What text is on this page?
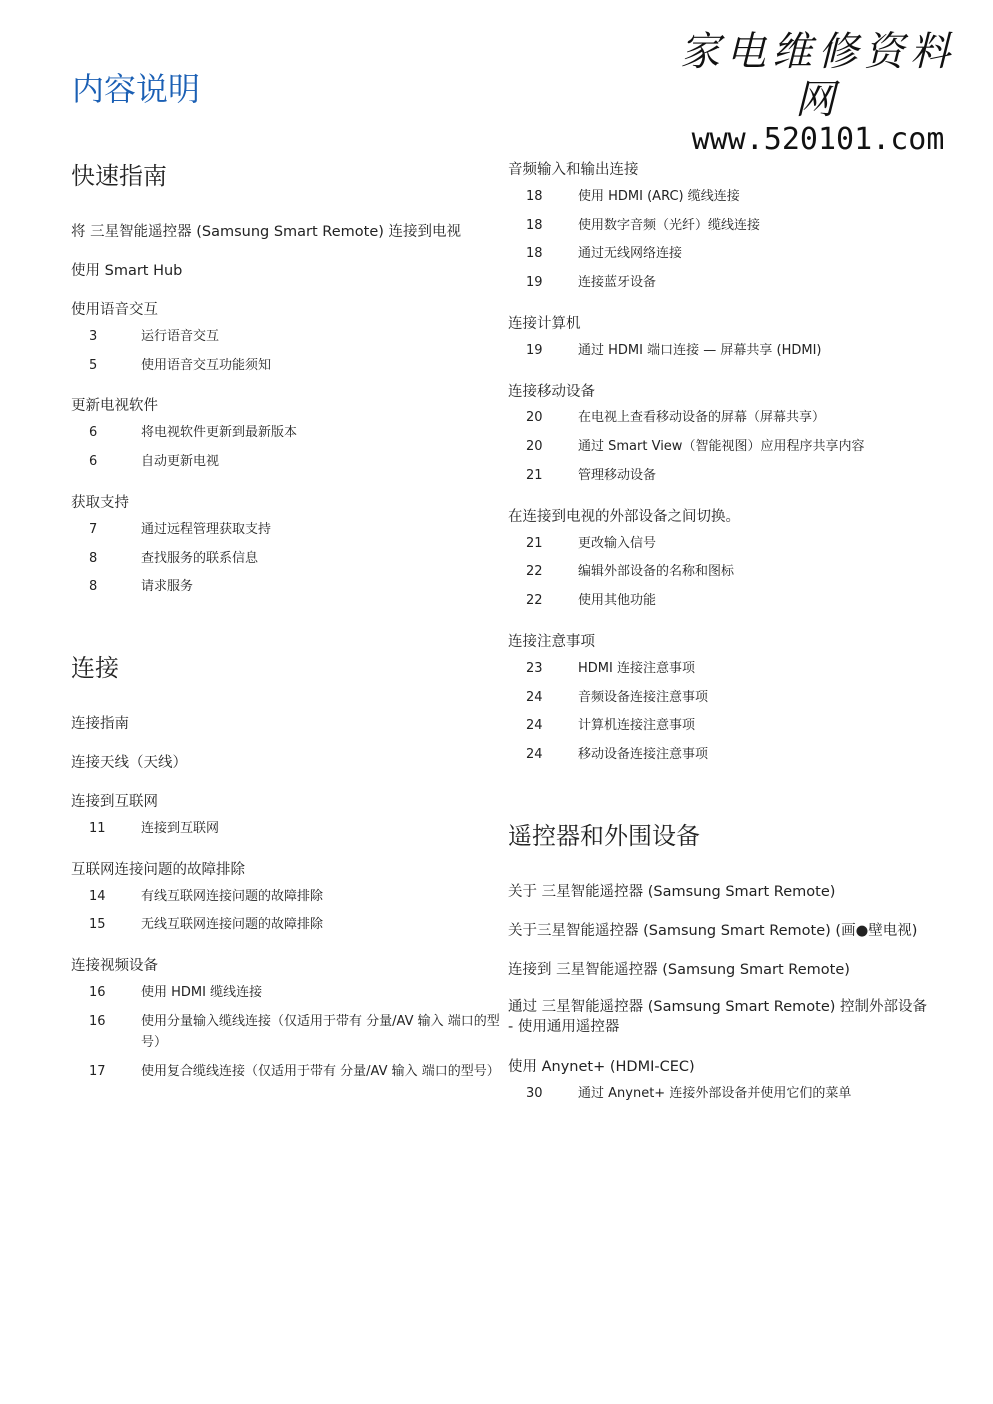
内容说明
家电维修资料网
www.520101.com
快速指南
将 三星智能遥控器 (Samsung Smart Remote) 连接到电视
使用 Smart Hub
使用语音交互
3	运行语音交互
5	使用语音交互功能须知
更新电视软件
6	将电视软件更新到最新版本
6	自动更新电视
获取支持
7	通过远程管理获取支持
8	查找服务的联系信息
8	请求服务
连接
连接指南
连接天线（天线）
连接到互联网
11	连接到互联网
互联网连接问题的故障排除
14	有线互联网连接问题的故障排除
15	无线互联网连接问题的故障排除
连接视频设备
16	使用 HDMI 缆线连接
16	使用分量输入缆线连接（仅适用于带有 分量/AV 输入 端口的型号）
17	使用复合缆线连接（仅适用于带有 分量/AV 输入 端口的型号）
音频输入和输出连接
18	使用 HDMI (ARC) 缆线连接
18	使用数字音频（光纤）缆线连接
18	通过无线网络连接
19	连接蓝牙设备
连接计算机
19	通过 HDMI 端口连接 — 屏幕共享 (HDMI)
连接移动设备
20	在电视上查看移动设备的屏幕（屏幕共享）
20	通过 Smart View（智能视图）应用程序共享内容
21	管理移动设备
在连接到电视的外部设备之间切换。
21	更改输入信号
22	编辑外部设备的名称和图标
22	使用其他功能
连接注意事项
23	HDMI 连接注意事项
24	音频设备连接注意事项
24	计算机连接注意事项
24	移动设备连接注意事项
遥控器和外围设备
关于 三星智能遥控器 (Samsung Smart Remote)
关于三星智能遥控器 (Samsung Smart Remote) (画●壁电视)
连接到 三星智能遥控器 (Samsung Smart Remote)
通过 三星智能遥控器 (Samsung Smart Remote) 控制外部设备 - 使用通用遥控器
使用 Anynet+ (HDMI-CEC)
30	通过 Anynet+ 连接外部设备并使用它们的菜单
